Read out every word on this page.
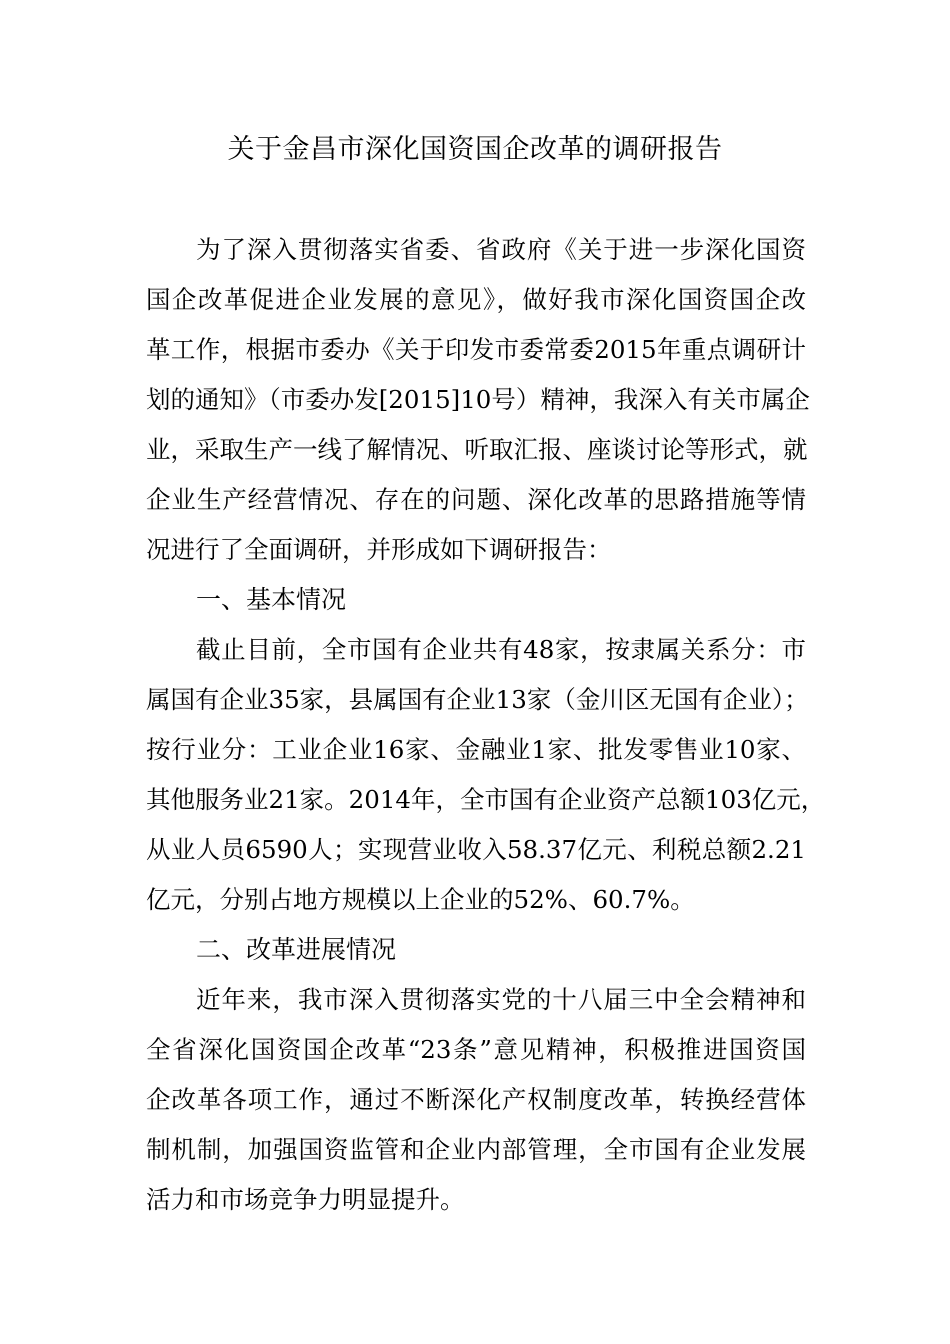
关于金昌市深化国资国企改革的调研报告
为了深入贯彻落实省委、省政府《关于进一步深化国资
国企改革促进企业发展的意见》，做好我市深化国资国企改
革工作，根据市委办《关于印发市委常委2015年重点调研计
划的通知》（市委办发[2015]10号）精神，我深入有关市属企
业，采取生产一线了解情况、听取汇报、座谈讨论等形式，就
企业生产经营情况、存在的问题、深化改革的思路措施等情
况进行了全面调研，并形成如下调研报告：
一、基本情况
截止目前，全市国有企业共有48家，按隶属关系分：市
属国有企业35家，县属国有企业13家（金川区无国有企业）；
按行业分：工业企业16家、金融业1家、批发零售业10家、
其他服务业21家。2014年，全市国有企业资产总额103亿元，
从业人员6590人；实现营业收入58.37亿元、利税总额2.21
亿元，分别占地方规模以上企业的52%、60.7%。
二、改革进展情况
近年来，我市深入贯彻落实党的十八届三中全会精神和
全省深化国资国企改革“23条”意见精神，积极推进国资国
企改革各项工作，通过不断深化产权制度改革，转换经营体
制机制，加强国资监管和企业内部管理，全市国有企业发展
活力和市场竞争力明显提升。
